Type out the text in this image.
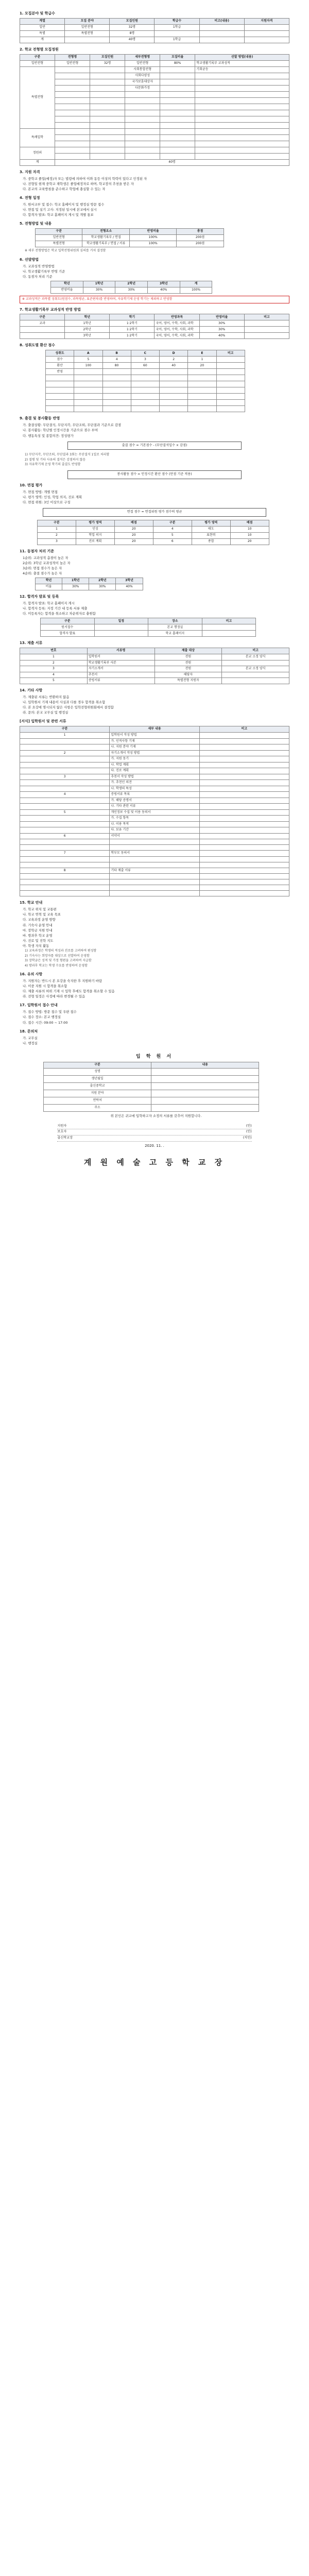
1. 모집분야 및 학급수
계열	모집 분야	모집인원	학급수	비고(내용)	지원자격
일반	일반전형	32명	1학급		
특별	특별전형	8명			
계		40명	1학급		
2. 학교 전형별 모집정원
구분	전형명	모집인원	세부전형명	모집비율	선발 방법(내용)
일반전형	일반전형	32명	일반전형	80%	학교생활기록부 교과성적
특별전형			사회통합전형		기회균등
			사회다양성		
			국가보훈대상자		
			다문화가정		

특례입학					

정원외					

계	40명				
3. 지원 자격
가. 중학교 졸업(예정)자 또는 법령에 의하여 이와 동등 이상의 학력이 있다고 인정된 자
나. 전형일 현재 중학교 재학생은 졸업예정자로 하며, 학교장의 추천을 받은 자
다. 본교의 교육방침을 준수하고 학업에 충실할 수 있는 자
4. 전형 일정
가. 원서교부 및 접수: 학교 홈페이지 및 행정실 방문 접수
나. 면접 및 실기 고사: 지정된 일시에 본교에서 실시
다. 합격자 발표: 학교 홈페이지 게시 및 개별 통보
5. 전형방법 및 내용
구분	전형요소	반영비율	총점
일반전형	학교생활기록부 / 면접	100%	200점
특별전형	학교생활기록부 / 면접 / 서류	100%	200점
※ 세부 전형방법은 학교 입학전형위원회 심의를 거쳐 결정함
6. 선발방법
가. 교과성적 반영방법
나. 학교생활기록부 반영 기준
다. 동점자 처리 기준
학년	1학년	2학년	3학년	계
반영비율	30%	30%	40%	100%
※ 교과성적은 과목별 성취도(원점수, 과목평균, 표준편차)를 반영하며, 자유학기제 운영 학기는 제외하고 반영함
7. 학교생활기록부 교과성적 반영 방법
구분	학년	학기	반영과목	반영비율	비고
교과	1학년	1·2학기	국어, 영어, 수학, 사회, 과학	30%	
	2학년	1·2학기	국어, 영어, 수학, 사회, 과학	30%	
	3학년	1·2학기	국어, 영어, 수학, 사회, 과학	40%	
8. 성취도별 환산 점수
성취도	A	B	C	D	E	비고
점수	5	4	3	2	1	
환산	100	80	60	40	20	
반영						

9. 출결 및 봉사활동 반영
가. 출결상황: 무단결석, 무단지각, 무단조퇴, 무단결과 기준으로 감점
나. 봉사활동: 학년별 인정시간을 기준으로 점수 부여
다. 행동특성 및 종합의견: 정성평가
출결 점수 = 기본점수 - (무단결석일수 × 감점)
1) 무단지각, 무단조퇴, 무단결과 3회는 무단결석 1일로 처리함
2) 질병 및 기타 사유의 결석은 감점하지 않음
3) 자유학기제 운영 학기의 출결도 반영함
봉사활동 점수 = 인정시간 환산 점수 (만점 기준 적용)
10. 면접 평가
가. 면접 방법: 개별 면접
나. 평가 영역: 인성, 학업 의지, 진로 계획
다. 면접 위원: 3인 이상으로 구성
면접 점수 = 면접위원 평가 점수의 평균
구분	평가 영역	배점	구분	평가 영역	배점
1	인성	20	4	태도	10
2	학업 의지	20	5	표현력	10
3	진로 계획	20	6	종합	20
11. 동점자 처리 기준
1순위: 교과성적 총점이 높은 자
2순위: 3학년 교과성적이 높은 자
3순위: 면접 점수가 높은 자
4순위: 출결 점수가 높은 자
학년	1학년	2학년	3학년
비율	30%	30%	40%
12. 합격자 발표 및 등록
가. 합격자 발표: 학교 홈페이지 게시
나. 합격자 등록: 지정 기간 내 등록 서류 제출
다. 미등록자는 합격을 취소하고 차순위자로 충원함
구분	일정	장소	비고
원서접수		본교 행정실	
합격자 발표		학교 홈페이지	
13. 제출 서류
번호	서류명	제출 대상	비고
1	입학원서	전원	본교 소정 양식
2	학교생활기록부 사본	전원	
3	자기소개서	전원	본교 소정 양식
4	추천서	해당자	
5	증빙서류	특별전형 지원자	
14. 기타 사항
가. 제출된 서류는 반환하지 않음
나. 입학원서 기재 내용이 사실과 다를 경우 합격을 취소함
다. 본 요강에 명시되지 않은 사항은 입학전형위원회에서 결정함
라. 문의: 본교 교무실 및 행정실
[서식] 입학원서 및 관련 서류
구분	세부 내용	비고
1	입학원서 작성 방법	
	가. 인적사항 기재	
	나. 지원 분야 기재	
2	자기소개서 작성 방법	
	가. 지원 동기	
	나. 학업 계획	
	다. 진로 계획	
3	추천서 작성 방법	
	가. 추천인 의견	
	나. 학생의 특성	
4	증빙서류 목록	
	가. 해당 증명서	
	나. 기타 관련 서류	
5	개인정보 수집 및 이용 동의서	
	가. 수집 항목	
	나. 이용 목적	
	다. 보유 기간	
6	서약서	

7	학부모 동의서	

8	기타 제출 서류	

15. 학교 안내
가. 학교 위치 및 교통편
나. 학교 연혁 및 교육 목표
다. 교육과정 운영 방향
라. 기숙사 운영 안내
마. 장학금 지원 안내
바. 방과후 학교 운영
사. 진로 및 진학 지도
아. 학생 자치 활동
1) 교육과정은 학생의 적성과 진로를 고려하여 편성함
2) 기숙사는 희망자를 대상으로 선발하여 운영함
3) 장학금은 성적 및 가정 형편을 고려하여 지급함
4) 방과후 학교는 학생 수요를 반영하여 운영함
16. 유의 사항
가. 지원자는 반드시 본 요강을 숙지한 후 지원하기 바람
나. 이중 지원 시 합격을 취소함
다. 제출 서류의 허위 기재 시 입학 후에도 합격을 취소할 수 있음
라. 전형 일정은 사정에 따라 변경될 수 있음
17. 입학원서 접수 안내
가. 접수 방법: 방문 접수 및 우편 접수
나. 접수 장소: 본교 행정실
다. 접수 시간: 09:00 ~ 17:00
18. 문의처
가. 교무실
나. 행정실
입 학 원 서
구분	내용
성명	
생년월일	
출신중학교	
지원 분야	
연락처	
주소	
위 본인은 귀교에 입학하고자 소정의 서류를 갖추어 지원합니다.
지원자	(인)
보호자	(인)
출신학교장	(직인)
2020. 11. .
계 원 예 술 고 등 학 교 장
